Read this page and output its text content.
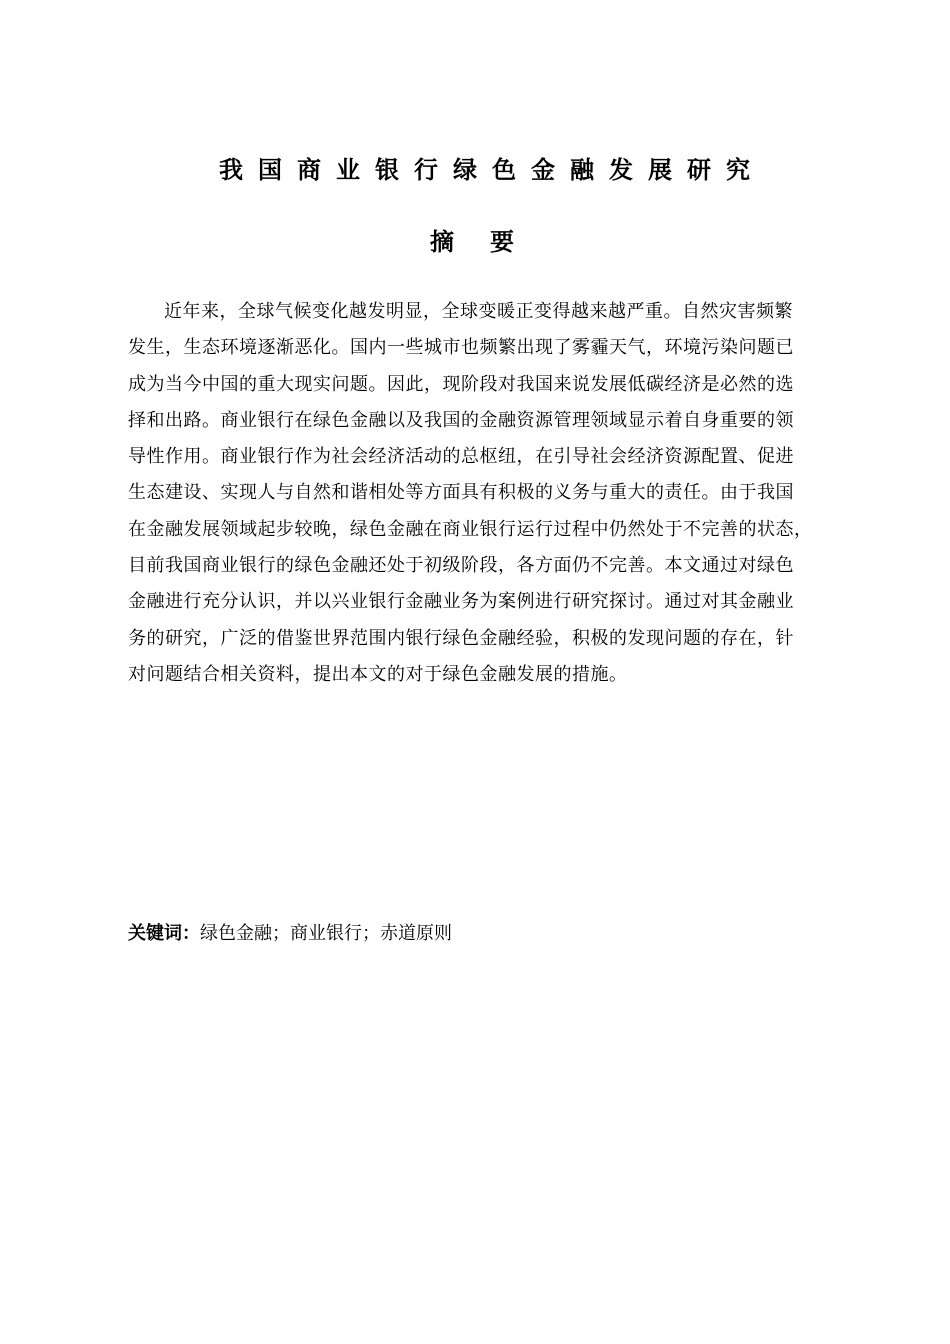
我国商业银行绿色金融发展研究
摘要
近年来，全球气候变化越发明显，全球变暖正变得越来越严重。自然灾害频繁
发生，生态环境逐渐恶化。国内一些城市也频繁出现了雾霾天气，环境污染问题已
成为当今中国的重大现实问题。因此，现阶段对我国来说发展低碳经济是必然的选
择和出路。商业银行在绿色金融以及我国的金融资源管理领域显示着自身重要的领
导性作用。商业银行作为社会经济活动的总枢纽，在引导社会经济资源配置、促进
生态建设、实现人与自然和谐相处等方面具有积极的义务与重大的责任。由于我国
在金融发展领域起步较晚，绿色金融在商业银行运行过程中仍然处于不完善的状态，
目前我国商业银行的绿色金融还处于初级阶段，各方面仍不完善。本文通过对绿色
金融进行充分认识，并以兴业银行金融业务为案例进行研究探讨。通过对其金融业
务的研究，广泛的借鉴世界范围内银行绿色金融经验，积极的发现问题的存在，针
对问题结合相关资料，提出本文的对于绿色金融发展的措施。
关键词：绿色金融；商业银行；赤道原则
